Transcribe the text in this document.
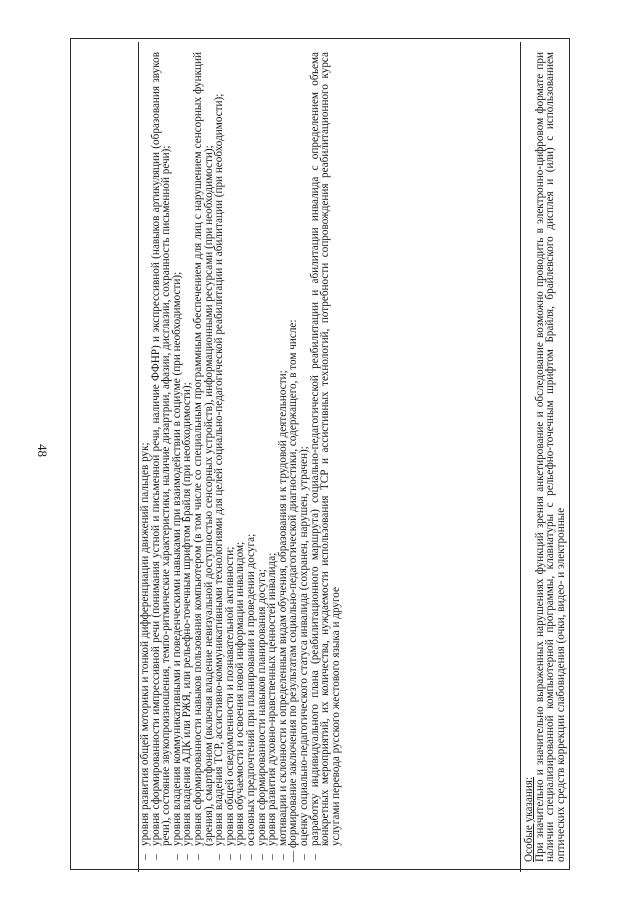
48
–
уровня развития общей моторики и тонкой дифференциации движений пальцев рук;
–
уровня сформированности импрессивной речи (понимания устной и письменной речи, наличие ФФНР) и экспрессивной (навыков артикуляции (образования звуков речи), состояние звукопроизношения, темпо-ритмические характеристики, наличие дизартрии, афазии, дисглазии, сохранность письменной речи);
–
уровня владения коммуникативными и поведенческими навыками при взаимодействии в социуме (при необходимости);
–
уровня владения АДК или РЖЯ, или рельефно-точечным шрифтом Брайля (при необходимости);
–
уровня сформированности навыков пользования компьютером (в том числе со специальным программным обеспечением для лиц с нарушением сенсорных функций (зрения), смартфоном (включая владение невизуальной доступностью сенсорных устройств), информационными ресурсами (при необходимости);
–
уровня владения ТСР, ассистивно-коммуникативными технологиями для целей социально-педагогической реабилитации и абилитации (при необходимости);
–
уровня общей осведомленности и познавательной активности;
–
уровня обучаемости и освоения новой информации инвалидом;
–
основных предпочтений при планировании и проведении досуга;
–
уровня сформированности навыков планирования досуга;
–
уровня развития духовно-нравственных ценностей инвалида;
–
мотивации и склонности к определенным видам обучения, образования и к трудовой деятельности;
— формирование заключения по результатам социально-педагогической диагностики, содержащего, в том числе:
–
оценку социально-педагогического статуса инвалида (сохранен, нарушен, утрачен);
–
разработку индивидуального плана (реабилитационного маршрута) социально-педагогической реабилитации и абилитации инвалида с определением объема конкретных мероприятий, их количества, нуждаемости использования ТСР и ассистивных технологий, потребности сопровождения реабилитационного курса услугами перевода русского жестового языка и другое	Особые указания:
При значительно и значительно выраженных нарушениях функций зрения анкетирование и обследование возможно проводить в электронно-цифровом формате при наличии специализированной компьютерной программы, клавиатуры с рельефно-точечным шрифтом Брайля, брайлевского дисплея и (или) с использованием оптических средств коррекции слабовидения (очки, видео- и электронные
